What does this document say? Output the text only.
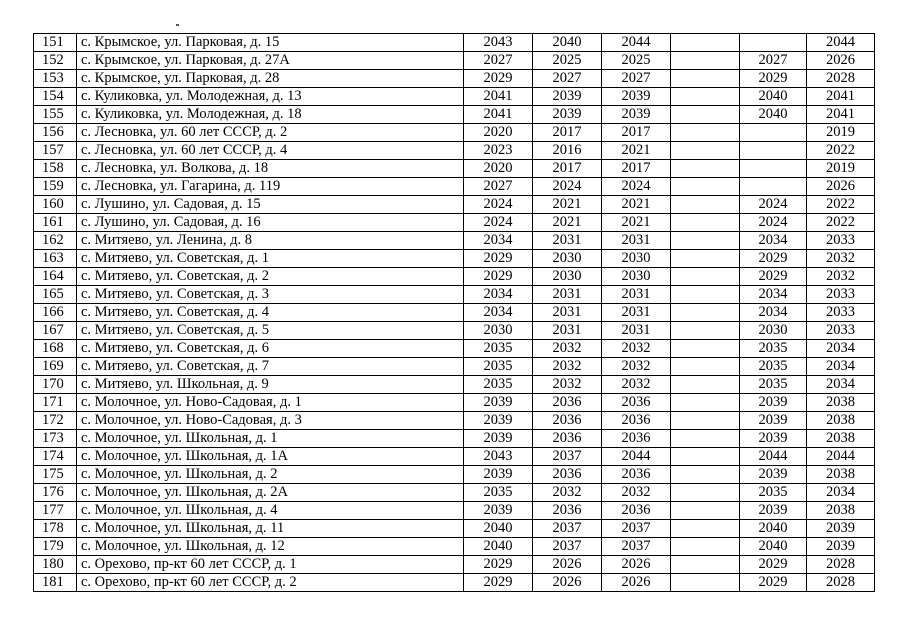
151	с. Крымское, ул. Парковая, д. 15	2043	2040	2044			2044
152	с. Крымское, ул. Парковая, д. 27А	2027	2025	2025		2027	2026
153	с. Крымское, ул. Парковая, д. 28	2029	2027	2027		2029	2028
154	с. Куликовка, ул. Молодежная, д. 13	2041	2039	2039		2040	2041
155	с. Куликовка, ул. Молодежная, д. 18	2041	2039	2039		2040	2041
156	с. Лесновка, ул. 60 лет СССР, д. 2	2020	2017	2017			2019
157	с. Лесновка, ул. 60 лет СССР, д. 4	2023	2016	2021			2022
158	с. Лесновка, ул. Волкова, д. 18	2020	2017	2017			2019
159	с. Лесновка, ул. Гагарина, д. 119	2027	2024	2024			2026
160	с. Лушино, ул. Садовая, д. 15	2024	2021	2021		2024	2022
161	с. Лушино, ул. Садовая, д. 16	2024	2021	2021		2024	2022
162	с. Митяево, ул. Ленина, д. 8	2034	2031	2031		2034	2033
163	с. Митяево, ул. Советская, д. 1	2029	2030	2030		2029	2032
164	с. Митяево, ул. Советская, д. 2	2029	2030	2030		2029	2032
165	с. Митяево, ул. Советская, д. 3	2034	2031	2031		2034	2033
166	с. Митяево, ул. Советская, д. 4	2034	2031	2031		2034	2033
167	с. Митяево, ул. Советская, д. 5	2030	2031	2031		2030	2033
168	с. Митяево, ул. Советская, д. 6	2035	2032	2032		2035	2034
169	с. Митяево, ул. Советская, д. 7	2035	2032	2032		2035	2034
170	с. Митяево, ул. Школьная, д. 9	2035	2032	2032		2035	2034
171	с. Молочное, ул. Ново-Садовая, д. 1	2039	2036	2036		2039	2038
172	с. Молочное, ул. Ново-Садовая, д. 3	2039	2036	2036		2039	2038
173	с. Молочное, ул. Школьная, д. 1	2039	2036	2036		2039	2038
174	с. Молочное, ул. Школьная, д. 1А	2043	2037	2044		2044	2044
175	с. Молочное, ул. Школьная, д. 2	2039	2036	2036		2039	2038
176	с. Молочное, ул. Школьная, д. 2А	2035	2032	2032		2035	2034
177	с. Молочное, ул. Школьная, д. 4	2039	2036	2036		2039	2038
178	с. Молочное, ул. Школьная, д. 11	2040	2037	2037		2040	2039
179	с. Молочное, ул. Школьная, д. 12	2040	2037	2037		2040	2039
180	с. Орехово, пр-кт 60 лет СССР, д. 1	2029	2026	2026		2029	2028
181	с. Орехово, пр-кт 60 лет СССР, д. 2	2029	2026	2026		2029	2028
